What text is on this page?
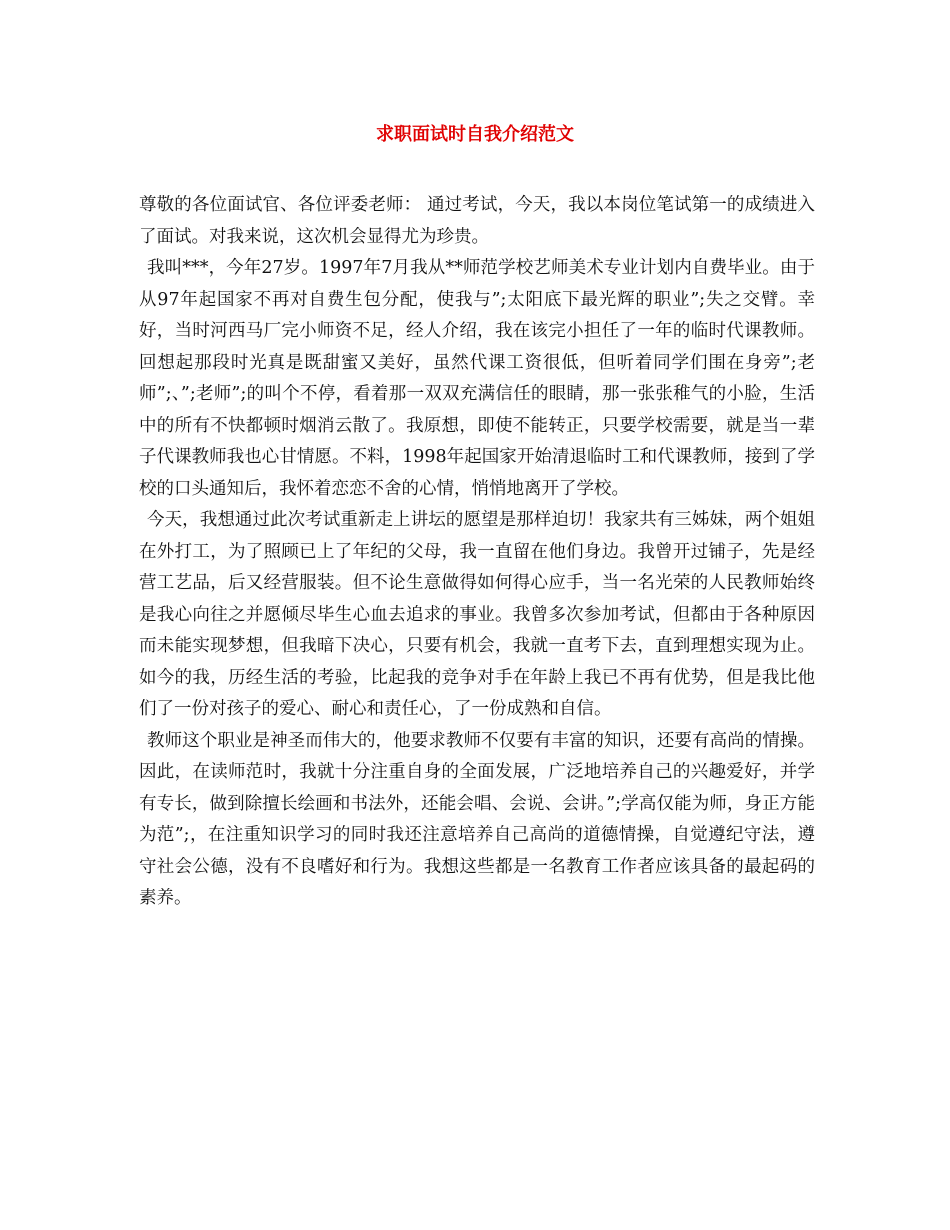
求职面试时自我介绍范文

尊敬的各位面试官、各位评委老师： 通过考试，今天，我以本岗位笔试第一的成绩进入了面试。对我来说，这次机会显得尤为珍贵。

我叫***，今年27岁。1997年7月我从**师范学校艺师美术专业计划内自费毕业。由于从97年起国家不再对自费生包分配，使我与”;太阳底下最光辉的职业”;失之交臂。幸好，当时河西马厂完小师资不足，经人介绍，我在该完小担任了一年的临时代课教师。 回想起那段时光真是既甜蜜又美好，虽然代课工资很低，但听着同学们围在身旁”;老师”;、”;老师”;的叫个不停，看着那一双双充满信任的眼睛，那一张张稚气的小脸，生活中的所有不快都顿时烟消云散了。我原想，即使不能转正，只要学校需要，就是当一辈子代课教师我也心甘情愿。不料，1998年起国家开始清退临时工和代课教师，接到了学校的口头通知后，我怀着恋恋不舍的心情，悄悄地离开了学校。

今天，我想通过此次考试重新走上讲坛的愿望是那样迫切！我家共有三姊妹，两个姐姐在外打工，为了照顾已上了年纪的父母，我一直留在他们身边。我曾开过铺子，先是经营工艺品，后又经营服装。但不论生意做得如何得心应手，当一名光荣的人民教师始终是我心向往之并愿倾尽毕生心血去追求的事业。我曾多次参加考试，但都由于各种原因而未能实现梦想，但我暗下决心，只要有机会，我就一直考下去，直到理想实现为止。 如今的我，历经生活的考验，比起我的竞争对手在年龄上我已不再有优势，但是我比他们了一份对孩子的爱心、耐心和责任心，了一份成熟和自信。

教师这个职业是神圣而伟大的，他要求教师不仅要有丰富的知识，还要有高尚的情操。因此，在读师范时，我就十分注重自身的全面发展，广泛地培养自己的兴趣爱好，并学有专长，做到除擅长绘画和书法外，还能会唱、会说、会讲。”;学高仅能为师，身正方能为范”;，在注重知识学习的同时我还注意培养自己高尚的道德情操，自觉遵纪守法，遵守社会公德，没有不良嗜好和行为。我想这些都是一名教育工作者应该具备的最起码的素养。
